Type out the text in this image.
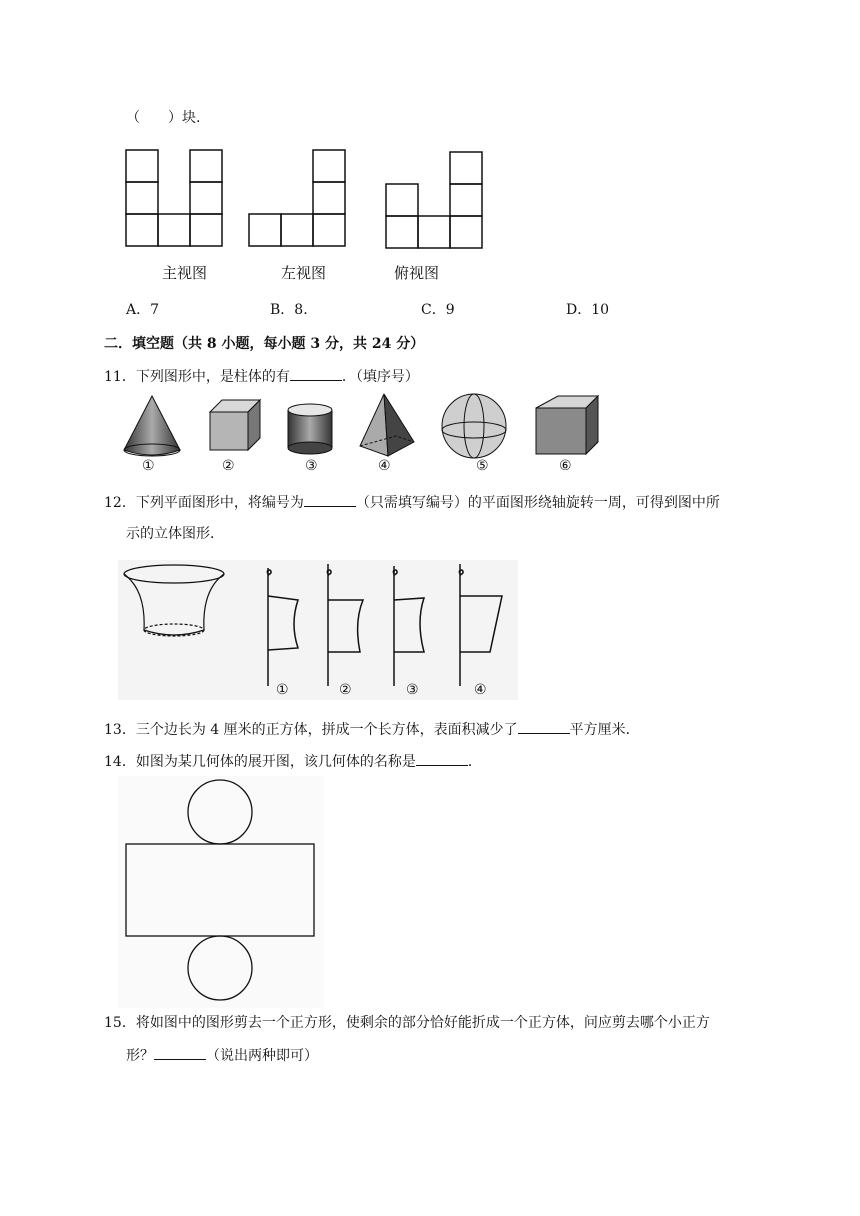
（　　）块.
主视图	左视图	俯视图
A．7	B．8.	C．9	D．10
二．填空题（共 8 小题，每小题 3 分，共 24 分）
11．下列图形中，是柱体的有	．（填序号）
①	②	③	④	⑤	⑥
12．下列平面图形中，将编号为	（只需填写编号）的平面图形绕轴旋转一周，可得到图中所
示的立体图形．
①	②	③	④
13．三个边长为 4 厘米的正方体，拼成一个长方体，表面积减少了	平方厘米．
14．如图为某几何体的展开图，该几何体的名称是	．
15．将如图中的图形剪去一个正方形，使剩余的部分恰好能折成一个正方体，问应剪去哪个小正方
形？	（说出两种即可）
